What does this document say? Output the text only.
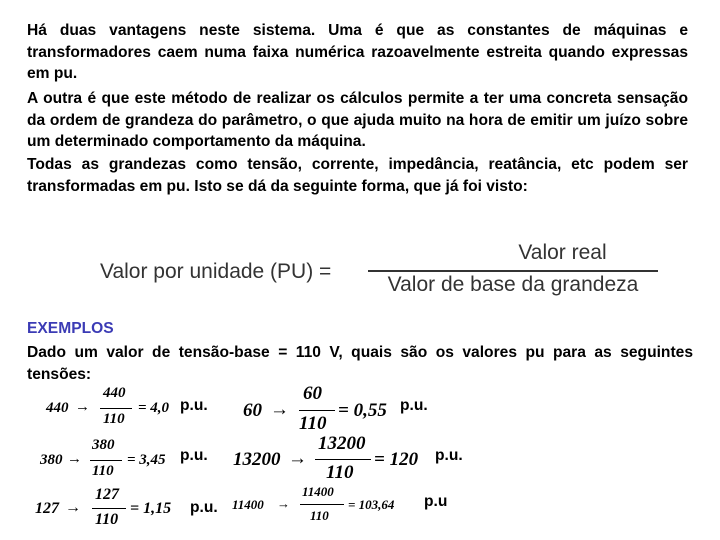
Há duas vantagens neste sistema. Uma é que as constantes de máquinas e transformadores caem numa faixa numérica razoavelmente estreita quando expressas em pu.

A outra é que este método de realizar os cálculos permite a ter uma concreta sensação da ordem de grandeza do parâmetro, o que ajuda muito na hora de emitir um juízo sobre um determinado comportamento da máquina.

Todas as grandezas como tensão, corrente, impedância, reatância, etc podem ser transformadas em pu. Isto se dá da seguinte forma, que já foi visto:

Valor por unidade (PU) =
Valor real
Valor de base da grandeza

EXEMPLOS

Dado um valor de tensão-base = 110 V, quais são os valores pu para as seguintes tensões:

440 →
440
110
= 4,0 p.u. 60 →
60
110
= 0,55 p.u.
380 →
380
110
= 3,45 p.u. 13200 →
13200
110
= 120 p.u.
127 →
127
110
= 1,15 p.u. 11400 →
11400
110
= 103,64 p.u
